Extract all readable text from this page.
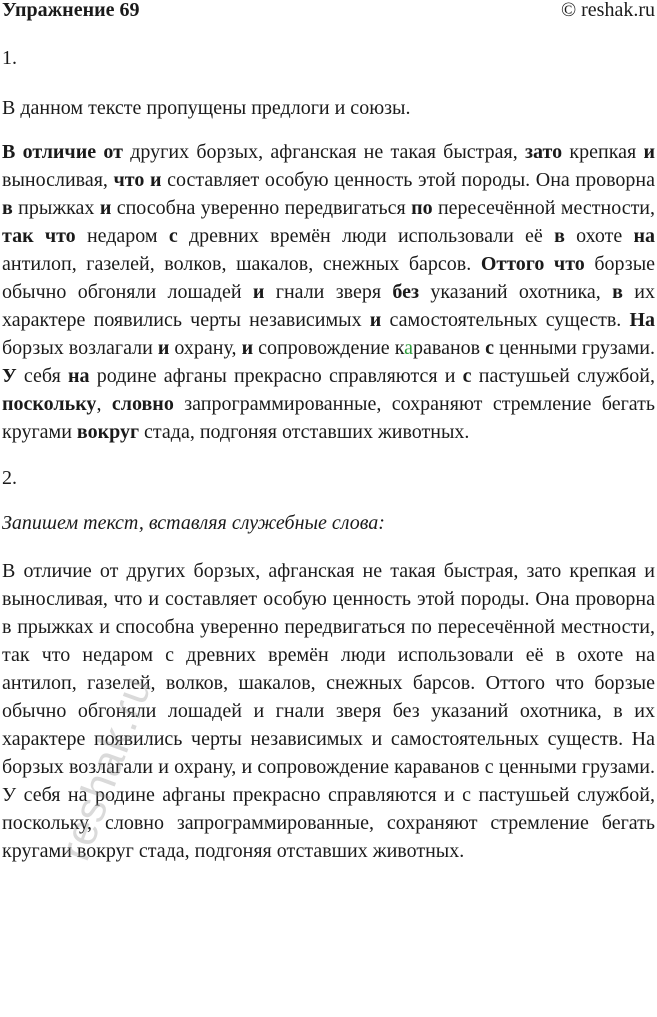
Упражнение 69	© reshak.ru
1.
В данном тексте пропущены предлоги и союзы.

В отличие от других борзых, афганская не такая быстрая, зато крепкая и выносливая, что и составляет особую ценность этой породы. Она проворна в прыжках и способна уверенно передвигаться по пересечённой местности, так что недаром с древних времён люди использовали её в охоте на антилоп, газелей, волков, шакалов, снежных барсов. Оттого что борзые обычно обгоняли лошадей и гнали зверя без указаний охотника, в их характере появились черты независимых и самостоятельных существ. На борзых возлагали и охрану, и сопровождение караванов с ценными грузами. У себя на родине афганы прекрасно справляются и с пастушьей службой, поскольку, словно запрограммированные, сохраняют стремление бегать кругами вокруг стада, подгоняя отставших животных.

2.
Запишем текст, вставляя служебные слова:

В отличие от других борзых, афганская не такая быстрая, зато крепкая и выносливая, что и составляет особую ценность этой породы. Она проворна в прыжках и способна уверенно передвигаться по пересечённой местности, так что недаром с древних времён люди использовали её в охоте на антилоп, газелей, волков, шакалов, снежных барсов. Оттого что борзые обычно обгоняли лошадей и гнали зверя без указаний охотника, в их характере появились черты независимых и самостоятельных существ. На борзых возлагали и охрану, и сопровождение караванов с ценными грузами. У себя на родине афганы прекрасно справляются и с пастушьей службой, поскольку, словно запрограммированные, сохраняют стремление бегать кругами вокруг стада, подгоняя отставших животных.

reshak.ru
